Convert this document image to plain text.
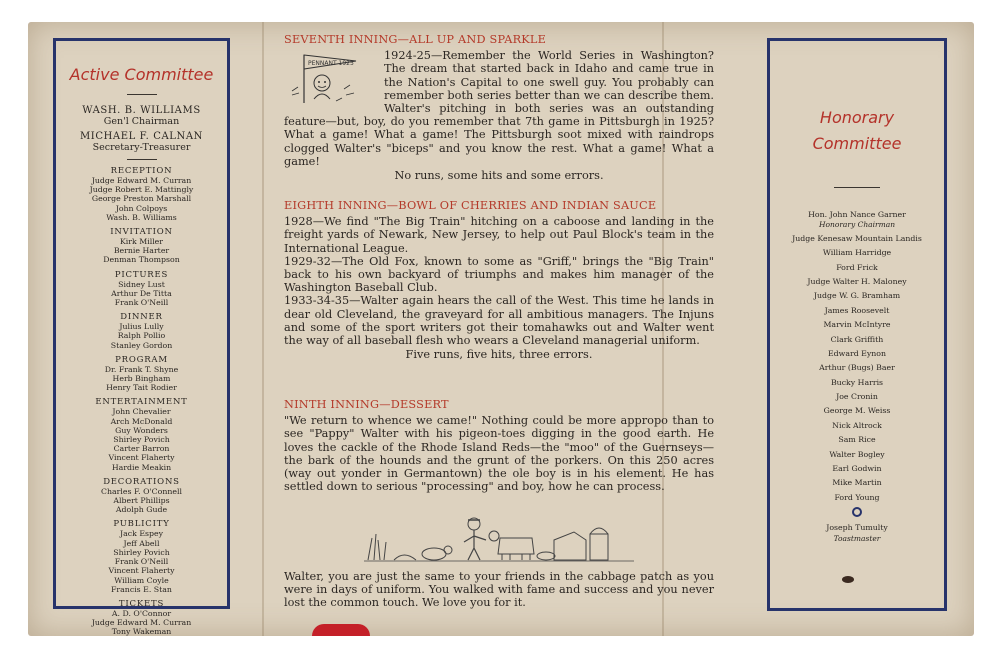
Active Committee
WASH. B. WILLIAMS
Gen'l Chairman
MICHAEL F. CALNAN
Secretary-Treasurer
RECEPTION
Judge Edward M. Curran
Judge Robert E. Mattingly
George Preston Marshall
John Colpoys
Wash. B. Williams
INVITATION
Kirk Miller
Bernie Harter
Denman Thompson
PICTURES
Sidney Lust
Arthur De Titta
Frank O'Neill
DINNER
Julius Lully
Ralph Pollio
Stanley Gordon
PROGRAM
Dr. Frank T. Shyne
Herb Bingham
Henry Tait Rodier
ENTERTAINMENT
John Chevalier
Arch McDonald
Guy Wonders
Shirley Povich
Carter Barron
Vincent Flaherty
Hardie Meakin
DECORATIONS
Charles F. O'Connell
Albert Phillips
Adolph Gude
PUBLICITY
Jack Espey
Jeff Abell
Shirley Povich
Frank O'Neill
Vincent Flaherty
William Coyle
Francis E. Stan
TICKETS
A. D. O'Connor
Judge Edward M. Curran
Tony Wakeman
Honorary
Committee
Hon. John Nance Garner
Honorary Chairman
Judge Kenesaw Mountain Landis
William Harridge
Ford Frick
Judge Walter H. Maloney
Judge W. G. Bramham
James Roosevelt
Marvin McIntyre
Clark Griffith
Edward Eynon
Arthur (Bugs) Baer
Bucky Harris
Joe Cronin
George M. Weiss
Nick Altrock
Sam Rice
Walter Bogley
Earl Godwin
Mike Martin
Ford Young
Joseph Tumulty
Toastmaster
SEVENTH INNING—ALL UP AND SPARKLE
PENNANT 1925

1924-25—Remember the World Series in Washington? The dream that started back in Idaho and came true in the Nation's Capital to one swell guy. You probably can remember both series better than we can describe them. Walter's pitching in both series was an outstanding feature—but, boy, do you remember that 7th game in Pittsburgh in 1925? What a game! What a game! The Pittsburgh soot mixed with raindrops clogged Walter's "biceps" and you know the rest. What a game! What a game!

No runs, some hits and some errors.
EIGHTH INNING—BOWL OF CHERRIES AND INDIAN SAUCE

1928—We find "The Big Train" hitching on a caboose and landing in the freight yards of Newark, New Jersey, to help out Paul Block's team in the International League.

1929-32—The Old Fox, known to some as "Griff," brings the "Big Train" back to his own backyard of triumphs and makes him manager of the Washington Baseball Club.

1933-34-35—Walter again hears the call of the West. This time he lands in dear old Cleveland, the graveyard for all ambitious managers. The Injuns and some of the sport writers got their tomahawks out and Walter went the way of all baseball flesh who wears a Cleveland managerial uniform.

Five runs, five hits, three errors.
NINTH INNING—DESSERT

"We return to whence we came!" Nothing could be more appropo than to see "Pappy" Walter with his pigeon-toes digging in the good earth. He loves the cackle of the Rhode Island Reds—the "moo" of the Guernseys—the bark of the hounds and the grunt of the porkers. On this 250 acres (way out yonder in Germantown) the ole boy is in his element. He has settled down to serious "processing" and boy, how he can process.

Walter, you are just the same to your friends in the cabbage patch as you were in days of uniform. You walked with fame and success and you never lost the common touch. We love you for it.
